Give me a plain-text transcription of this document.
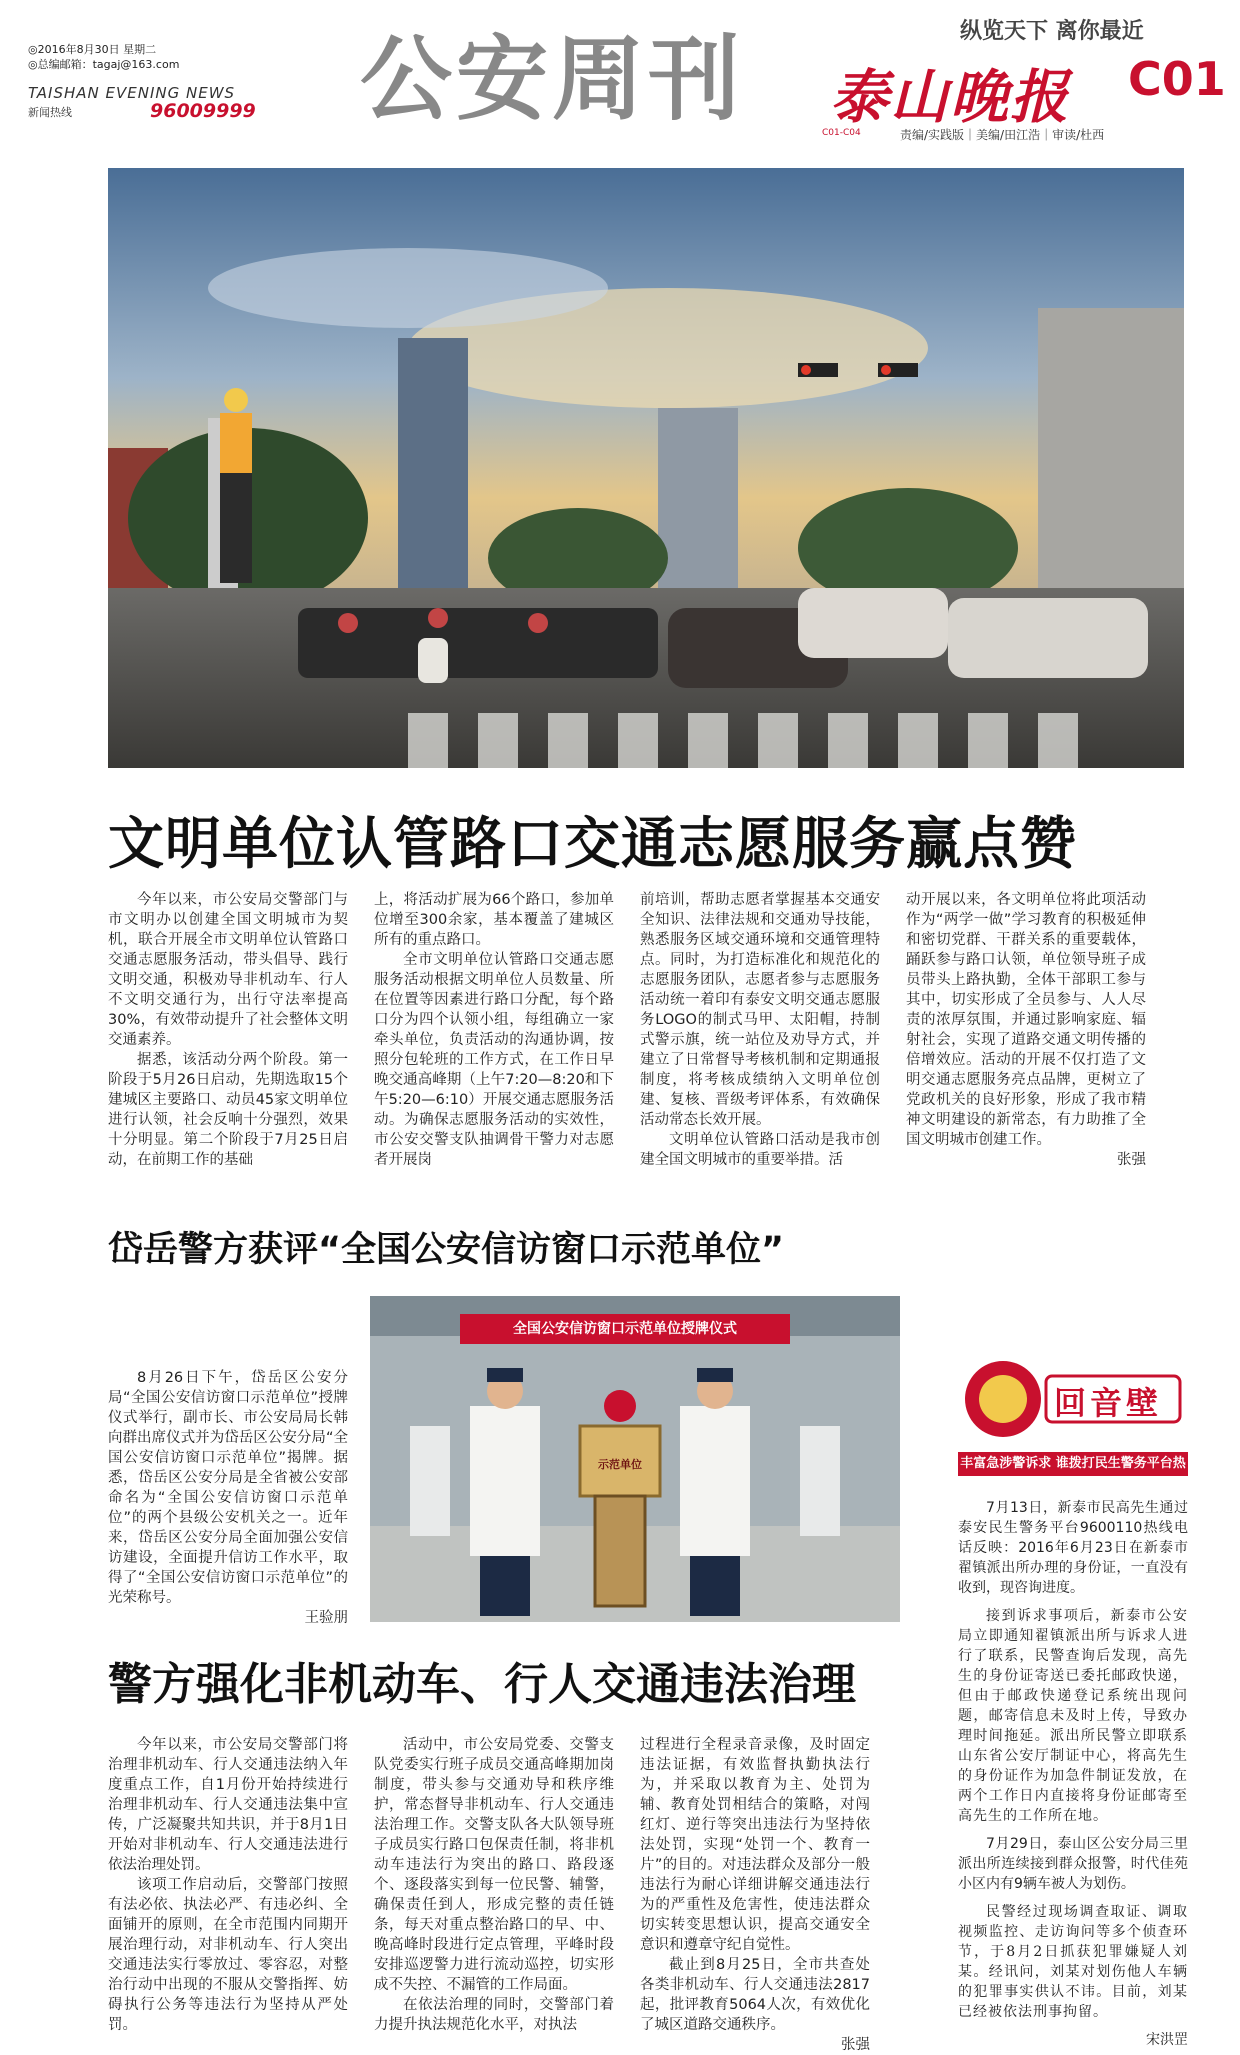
◎2016年8月30日 星期二
◎总编邮箱：tagaj@163.com
TAISHAN EVENING NEWS
新闻热线	96009999 公安周刊	纵览天下 离你最近
泰山晚报 C01
C01-C04	责编/实践版｜美编/田江浩｜审读/杜西
文明单位认管路口交通志愿服务赢点赞

今年以来，市公安局交警部门与市文明办以创建全国文明城市为契机，联合开展全市文明单位认管路口交通志愿服务活动，带头倡导、践行文明交通，积极劝导非机动车、行人不文明交通行为，出行守法率提高30%，有效带动提升了社会整体文明交通素养。

据悉，该活动分两个阶段。第一阶段于5月26日启动，先期选取15个建城区主要路口、动员45家文明单位进行认领，社会反响十分强烈，效果十分明显。第二个阶段于7月25日启动，在前期工作的基础

上，将活动扩展为66个路口，参加单位增至300余家，基本覆盖了建城区所有的重点路口。

全市文明单位认管路口交通志愿服务活动根据文明单位人员数量、所在位置等因素进行路口分配，每个路口分为四个认领小组，每组确立一家牵头单位，负责活动的沟通协调，按照分包轮班的工作方式，在工作日早晚交通高峰期（上午7:20—8:20和下午5:20—6:10）开展交通志愿服务活动。为确保志愿服务活动的实效性，市公安交警支队抽调骨干警力对志愿者开展岗

前培训，帮助志愿者掌握基本交通安全知识、法律法规和交通劝导技能，熟悉服务区域交通环境和交通管理特点。同时，为打造标准化和规范化的志愿服务团队，志愿者参与志愿服务活动统一着印有泰安文明交通志愿服务LOGO的制式马甲、太阳帽，持制式警示旗，统一站位及劝导方式，并建立了日常督导考核机制和定期通报制度，将考核成绩纳入文明单位创建、复核、晋级考评体系，有效确保活动常态长效开展。

文明单位认管路口活动是我市创建全国文明城市的重要举措。活

动开展以来，各文明单位将此项活动作为“两学一做”学习教育的积极延伸和密切党群、干群关系的重要载体，踊跃参与路口认领，单位领导班子成员带头上路执勤，全体干部职工参与其中，切实形成了全员参与、人人尽责的浓厚氛围，并通过影响家庭、辐射社会，实现了道路交通文明传播的倍增效应。活动的开展不仅打造了文明交通志愿服务亮点品牌，更树立了党政机关的良好形象，形成了我市精神文明建设的新常态，有力助推了全国文明城市创建工作。

张强
岱岳警方获评“全国公安信访窗口示范单位”

8月26日下午，岱岳区公安分局“全国公安信访窗口示范单位”授牌仪式举行，副市长、市公安局局长韩向群出席仪式并为岱岳区公安分局“全国公安信访窗口示范单位”揭牌。据悉，岱岳区公安分局是全省被公安部命名为“全国公安信访窗口示范单位”的两个县级公安机关之一。近年来，岱岳区公安分局全面加强公安信访建设，全面提升信访工作水平，取得了“全国公安信访窗口示范单位”的光荣称号。

王验朋
全国公安信访窗口示范单位授牌仪式
示范单位
警方强化非机动车、行人交通违法治理

今年以来，市公安局交警部门将治理非机动车、行人交通违法纳入年度重点工作，自1月份开始持续进行治理非机动车、行人交通违法集中宣传，广泛凝聚共知共识，并于8月1日开始对非机动车、行人交通违法进行依法治理处罚。

该项工作启动后，交警部门按照有法必依、执法必严、有违必纠、全面铺开的原则，在全市范围内同期开展治理行动，对非机动车、行人突出交通违法实行零放过、零容忍，对整治行动中出现的不服从交警指挥、妨碍执行公务等违法行为坚持从严处罚。

活动中，市公安局党委、交警支队党委实行班子成员交通高峰期加岗制度，带头参与交通劝导和秩序维护，常态督导非机动车、行人交通违法治理工作。交警支队各大队领导班子成员实行路口包保责任制，将非机动车违法行为突出的路口、路段逐个、逐段落实到每一位民警、辅警，确保责任到人，形成完整的责任链条，每天对重点整治路口的早、中、晚高峰时段进行定点管理，平峰时段安排巡逻警力进行流动巡控，切实形成不失控、不漏管的工作局面。

在依法治理的同时，交警部门着力提升执法规范化水平，对执法

过程进行全程录音录像，及时固定违法证据，有效监督执勤执法行为，并采取以教育为主、处罚为辅、教育处罚相结合的策略，对闯红灯、逆行等突出违法行为坚持依法处罚，实现“处罚一个、教育一片”的目的。对违法群众及部分一般违法行为耐心详细讲解交通违法行为的严重性及危害性，使违法群众切实转变思想认识，提高交通安全意识和遵章守纪自觉性。

截止到8月25日，全市共查处各类非机动车、行人交通违法2817起，批评教育5064人次，有效优化了城区道路交通秩序。

张强
回音壁
丰富急涉警诉求 谁拨打民生警务平台热线电话 9600110

7月13日，新泰市民高先生通过泰安民生警务平台9600110热线电话反映：2016年6月23日在新泰市翟镇派出所办理的身份证，一直没有收到，现咨询进度。

接到诉求事项后，新泰市公安局立即通知翟镇派出所与诉求人进行了联系，民警查询后发现，高先生的身份证寄送已委托邮政快递，但由于邮政快递登记系统出现问题，邮寄信息未及时上传，导致办理时间拖延。派出所民警立即联系山东省公安厅制证中心，将高先生的身份证作为加急件制证发放，在两个工作日内直接将身份证邮寄至高先生的工作所在地。

7月29日，泰山区公安分局三里派出所连续接到群众报警，时代佳苑小区内有9辆车被人为划伤。

民警经过现场调查取证、调取视频监控、走访询问等多个侦查环节，于8月2日抓获犯罪嫌疑人刘某。经讯问，刘某对划伤他人车辆的犯罪事实供认不讳。目前，刘某已经被依法刑事拘留。

宋洪罡
